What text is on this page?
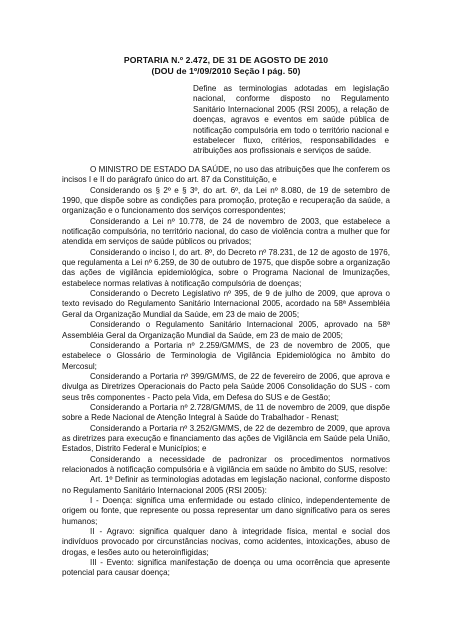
PORTARIA N.º 2.472, DE 31 DE AGOSTO DE 2010
(DOU de 1º/09/2010 Seção I pág. 50)
Define as terminologias adotadas em legislação nacional, conforme disposto no Regulamento Sanitário Internacional 2005 (RSI 2005), a relação de doenças, agravos e eventos em saúde pública de notificação compulsória em todo o território nacional e estabelecer fluxo, critérios, responsabilidades e atribuições aos profissionais e serviços de saúde.

O MINISTRO DE ESTADO DA SAÚDE, no uso das atribuições que lhe conferem os incisos I e II do parágrafo único do art. 87 da Constituição, e

Considerando os § 2º e § 3º, do art. 6º, da Lei nº 8.080, de 19 de setembro de 1990, que dispõe sobre as condições para promoção, proteção e recuperação da saúde, a organização e o funcionamento dos serviços correspondentes;

Considerando a Lei nº 10.778, de 24 de novembro de 2003, que estabelece a notificação compulsória, no território nacional, do caso de violência contra a mulher que for atendida em serviços de saúde públicos ou privados;

Considerando o inciso I, do art. 8º, do Decreto nº 78.231, de 12 de agosto de 1976, que regulamenta a Lei nº 6.259, de 30 de outubro de 1975, que dispõe sobre a organização das ações de vigilância epidemiológica, sobre o Programa Nacional de Imunizações, estabelece normas relativas à notificação compulsória de doenças;

Considerando o Decreto Legislativo nº 395, de 9 de julho de 2009, que aprova o texto revisado do Regulamento Sanitário Internacional 2005, acordado na 58ª Assembléia Geral da Organização Mundial da Saúde, em 23 de maio de 2005;

Considerando o Regulamento Sanitário Internacional 2005, aprovado na 58ª Assembléia Geral da Organização Mundial da Saúde, em 23 de maio de 2005;

Considerando a Portaria nº 2.259/GM/MS, de 23 de novembro de 2005, que estabelece o Glossário de Terminologia de Vigilância Epidemiológica no âmbito do Mercosul;

Considerando a Portaria nº 399/GM/MS, de 22 de fevereiro de 2006, que aprova e divulga as Diretrizes Operacionais do Pacto pela Saúde 2006 Consolidação do SUS - com seus três componentes - Pacto pela Vida, em Defesa do SUS e de Gestão;

Considerando a Portaria nº 2.728/GM/MS, de 11 de novembro de 2009, que dispõe sobre a Rede Nacional de Atenção Integral à Saúde do Trabalhador - Renast;

Considerando a Portaria nº 3.252/GM/MS, de 22 de dezembro de 2009, que aprova as diretrizes para execução e financiamento das ações de Vigilância em Saúde pela União, Estados, Distrito Federal e Municípios; e

Considerando a necessidade de padronizar os procedimentos normativos relacionados à notificação compulsória e à vigilância em saúde no âmbito do SUS, resolve:

Art. 1º Definir as terminologias adotadas em legislação nacional, conforme disposto no Regulamento Sanitário Internacional 2005 (RSI 2005):

I - Doença: significa uma enfermidade ou estado clínico, independentemente de origem ou fonte, que represente ou possa representar um dano significativo para os seres humanos;

II - Agravo: significa qualquer dano à integridade física, mental e social dos indivíduos provocado por circunstâncias nocivas, como acidentes, intoxicações, abuso de drogas, e lesões auto ou heteroinfligidas;

III - Evento: significa manifestação de doença ou uma ocorrência que apresente potencial para causar doença;
